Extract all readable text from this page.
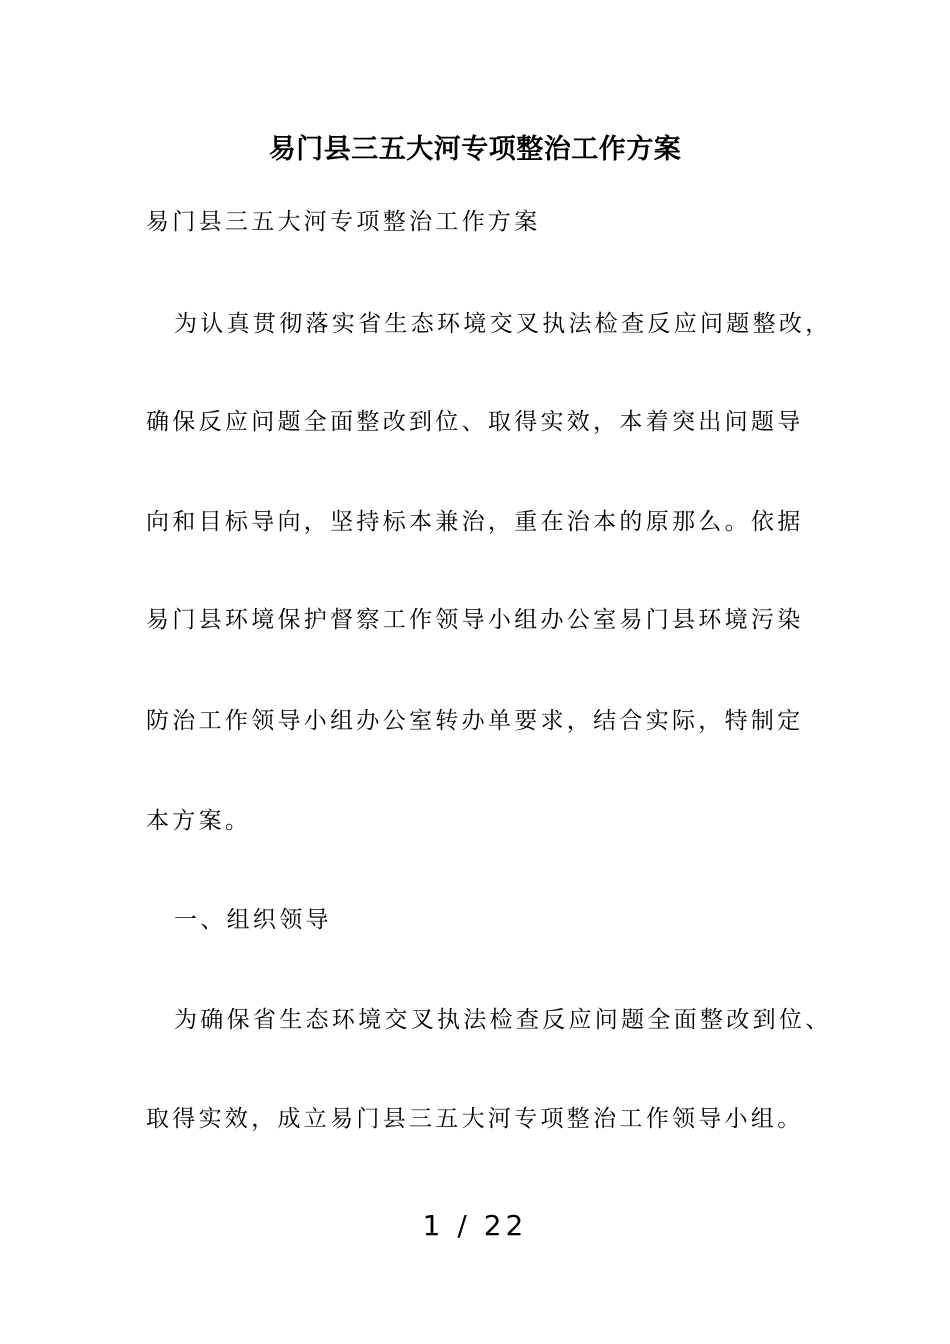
易门县三五大河专项整治工作方案
易门县三五大河专项整治工作方案
为认真贯彻落实省生态环境交叉执法检查反应问题整改，
确保反应问题全面整改到位、取得实效，本着突出问题导
向和目标导向，坚持标本兼治，重在治本的原那么。依据
易门县环境保护督察工作领导小组办公室易门县环境污染
防治工作领导小组办公室转办单要求，结合实际，特制定
本方案。
一、组织领导
为确保省生态环境交叉执法检查反应问题全面整改到位、
取得实效，成立易门县三五大河专项整治工作领导小组。
1 / 22
